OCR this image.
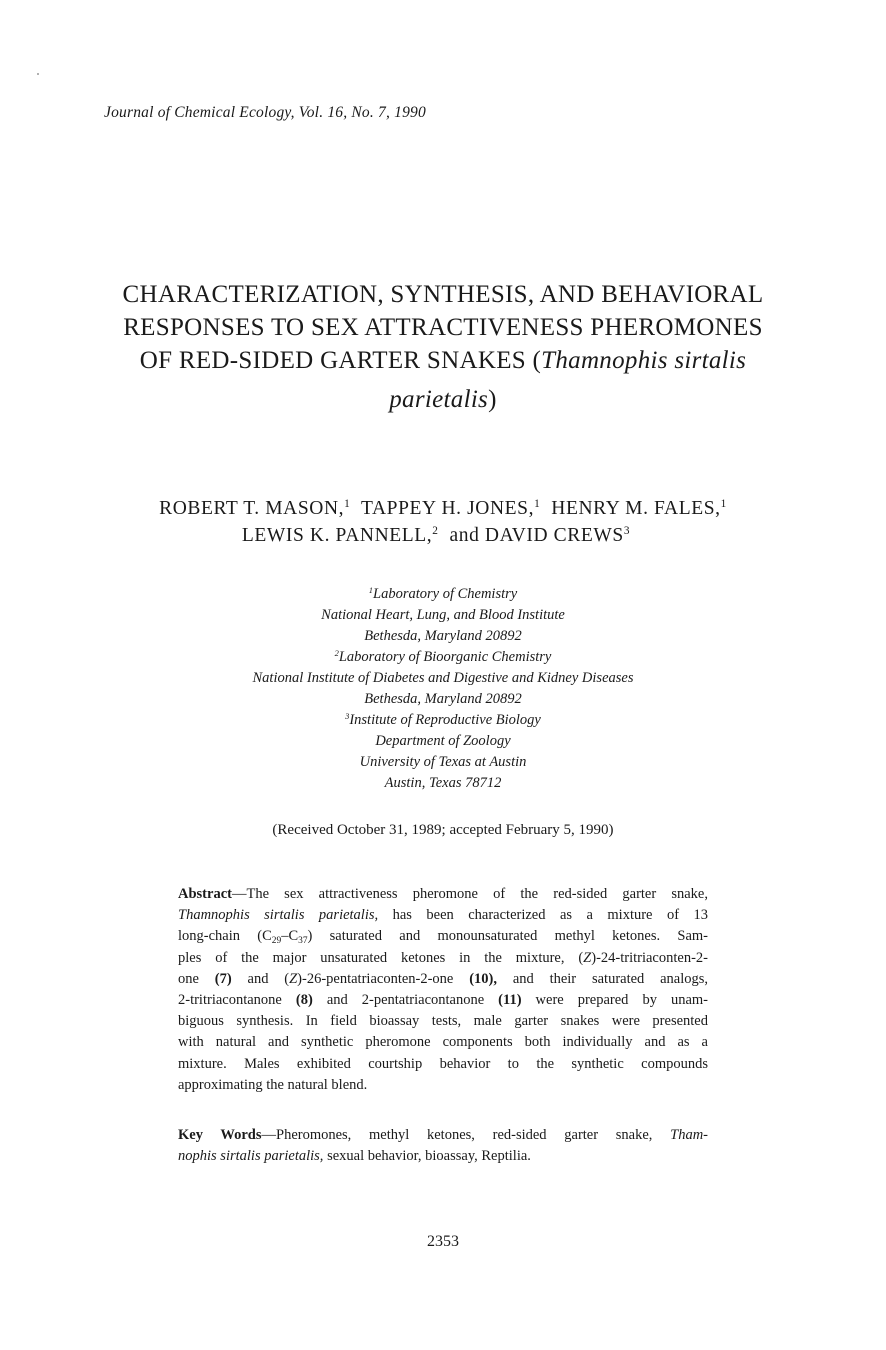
Journal of Chemical Ecology, Vol. 16, No. 7, 1990
CHARACTERIZATION, SYNTHESIS, AND BEHAVIORAL
RESPONSES TO SEX ATTRACTIVENESS PHEROMONES
OF RED-SIDED GARTER SNAKES (Thamnophis sirtalis
parietalis)
ROBERT T. MASON,$^1$ TAPPEY H. JONES,$^1$ HENRY M. FALES,$^1$
LEWIS K. PANNELL,$^2$ and DAVID CREWS$^3$
$^1$Laboratory of Chemistry
National Heart, Lung, and Blood Institute
Bethesda, Maryland 20892
$^2$Laboratory of Bioorganic Chemistry
National Institute of Diabetes and Digestive and Kidney Diseases
Bethesda, Maryland 20892
$^3$Institute of Reproductive Biology
Department of Zoology
University of Texas at Austin
Austin, Texas 78712
(Received October 31, 1989; accepted February 5, 1990)
Abstract—The sex attractiveness pheromone of the red-sided garter snake,
Thamnophis sirtalis parietalis, has been characterized as a mixture of 13
long-chain $(C_{29}-C_{37})$ saturated and monounsaturated methyl ketones. Sam-
ples of the major unsaturated ketones in the mixture, (Z)-24-tritriaconten-2-
one (7) and (Z)-26-pentatriaconten-2-one (10), and their saturated analogs,
2-tritriacontanone (8) and 2-pentatriacontanone (11) were prepared by unam-
biguous synthesis. In field bioassay tests, male garter snakes were presented
with natural and synthetic pheromone components both individually and as a
mixture. Males exhibited courtship behavior to the synthetic compounds
approximating the natural blend.
Key Words—Pheromones, methyl ketones, red-sided garter snake, Tham-
nophis sirtalis parietalis, sexual behavior, bioassay, Reptilia.
2353
